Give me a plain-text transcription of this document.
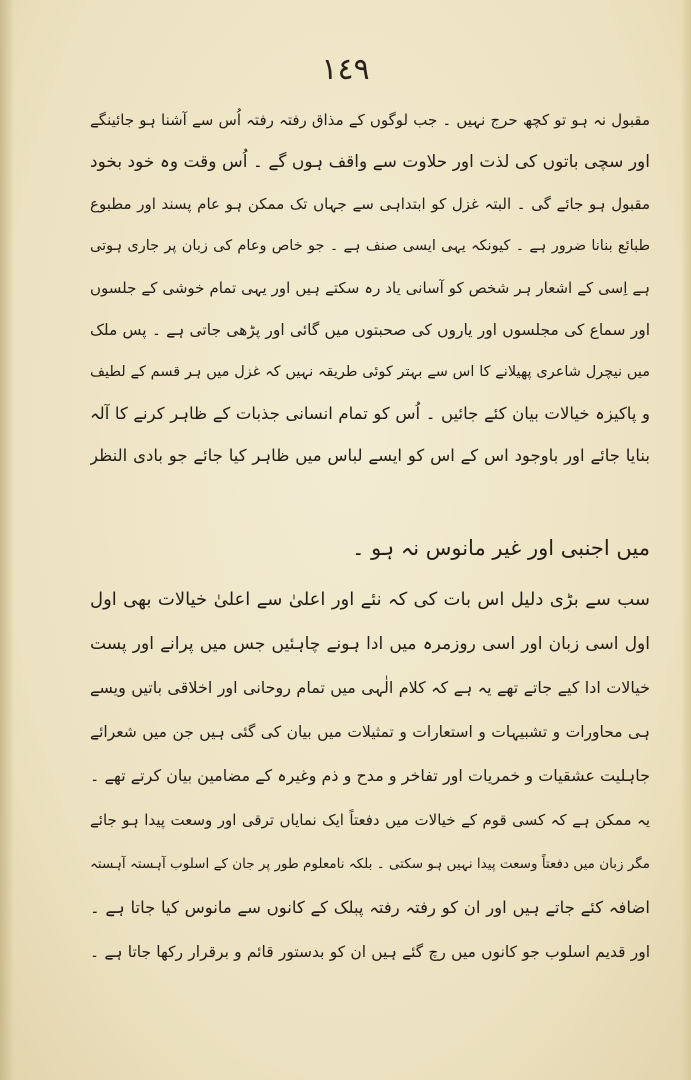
١٤٩
مقبول نہ ہو تو کچھ حرج نہیں ۔ جب لوگوں کے مذاق رفتہ رفتہ اُس سے آشنا ہو جائینگے
اور سچی باتوں کی لذت اور حلاوت سے واقف ہوں گے ۔ اُس وقت وہ خود بخود
مقبول ہو جائے گی ۔ البتہ غزل کو ابتداہی سے جہاں تک ممکن ہو عام پسند اور مطبوع
طبائع بنانا ضرور ہے ۔ کیونکہ یہی ایسی صنف ہے ۔ جو خاص وعام کی زبان پر جاری ہوتی
ہے اِسی کے اشعار ہر شخص کو آسانی یاد رہ سکتے ہیں اور یہی تمام خوشی کے جلسوں
اور سماع کی مجلسوں اور یاروں کی صحبتوں میں گائی اور پڑھی جاتی ہے ۔ پس ملک
میں نیچرل شاعری پھیلانے کا اس سے بہتر کوئی طریقہ نہیں کہ غزل میں ہر قسم کے لطیف
و پاکیزہ خیالات بیان کئے جائیں ۔ اُس کو تمام انسانی جذبات کے ظاہر کرنے کا آلہ
بنایا جائے اور باوجود اس کے اس کو ایسے لباس میں ظاہر کیا جائے جو بادی النظر
میں اجنبی اور غیر مانوس نہ ہو ۔
سب سے بڑی دلیل اس بات کی کہ نئے اور اعلیٰ سے اعلیٰ خیالات بھی اول
اول اسی زبان اور اسی روزمرہ میں ادا ہونے چاہئیں جس میں پرانے اور پست
خیالات ادا کیے جاتے تھے یہ ہے کہ کلام الٰہی میں تمام روحانی اور اخلاقی باتیں ویسے
ہی محاورات و تشبیہات و استعارات و تمثیلات میں بیان کی گئی ہیں جن میں شعرائے
جاہلیت عشقیات و خمریات اور تفاخر و مدح و ذم وغیرہ کے مضامین بیان کرتے تھے ۔
یہ ممکن ہے کہ کسی قوم کے خیالات میں دفعتاً ایک نمایاں ترقی اور وسعت پیدا ہو جائے
مگر زبان میں دفعتاً وسعت پیدا نہیں ہو سکتی ۔ بلکہ نامعلوم طور پر جان کے اسلوب آہستہ آہستہ
اضافہ کئے جاتے ہیں اور ان کو رفتہ رفتہ پبلک کے کانوں سے مانوس کیا جاتا ہے ۔
اور قدیم اسلوب جو کانوں میں رچ گئے ہیں ان کو بدستور قائم و برقرار رکھا جاتا ہے ۔
